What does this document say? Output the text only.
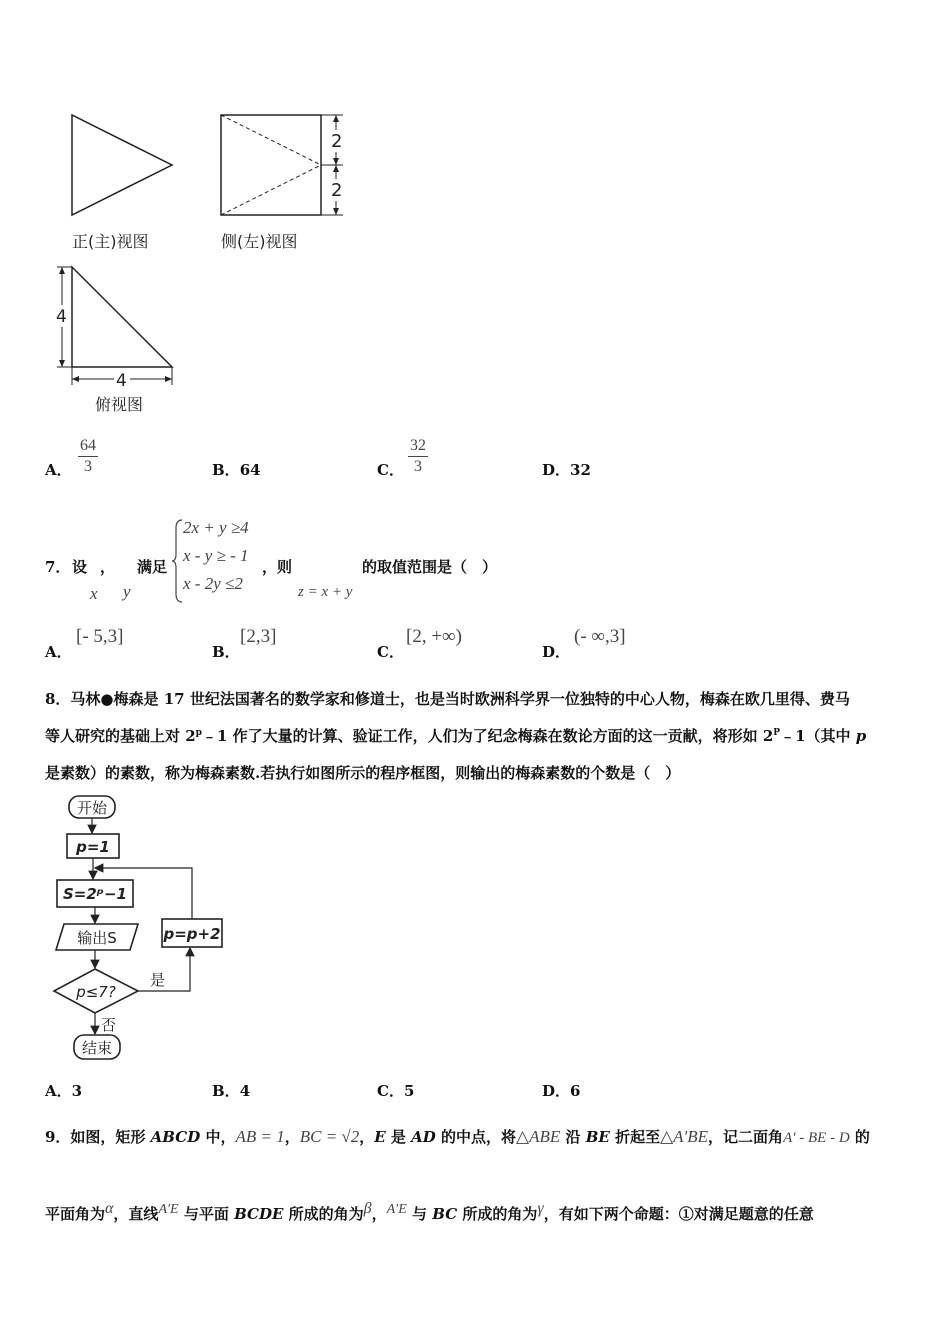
2
2
正(主)视图	侧(左)视图
4
4
俯视图
A． $\frac{64}{3}$	B．64	C． $\frac{32}{3}$	D．32
7． 设 ， 满足
x y
2x + y ≥4
x - y ≥ - 1
x - 2y ≤2
，则
z = x + y
的取值范围是（　）
A．
[- 5,3]
B．
[2,3]
C．
[2, +∞)
D．
(- ∞,3]
8．马林●梅森是 17 世纪法国著名的数学家和修道士，也是当时欧洲科学界一位独特的中心人物，梅森在欧几里得、费马
等人研究的基础上对 2$^p$﹣1 作了大量的计算、验证工作，人们为了纪念梅森在数论方面的这一贡献，将形如 $2^P﹣1$（其中 p
是素数）的素数，称为梅森素数.若执行如图所示的程序框图，则输出的梅森素数的个数是（　）
开始
p=1
S=2ᵖ−1
输出S
p≤7?
是
p=p+2
否
结束
A．3	B．4	C．5	D．6
9．如图，矩形 ABCD 中，AB = 1，BC = √2，E 是 AD 的中点，将△ABE 沿 BE 折起至△A′BE，记二面角A′ - BE - D 的
平面角为$^\alpha$，直线$^{A'E}$ 与平面 BCDE 所成的角为$^\beta$，$^{A'E}$ 与 BC 所成的角为$^\gamma$，有如下两个命题：①对满足题意的任意
